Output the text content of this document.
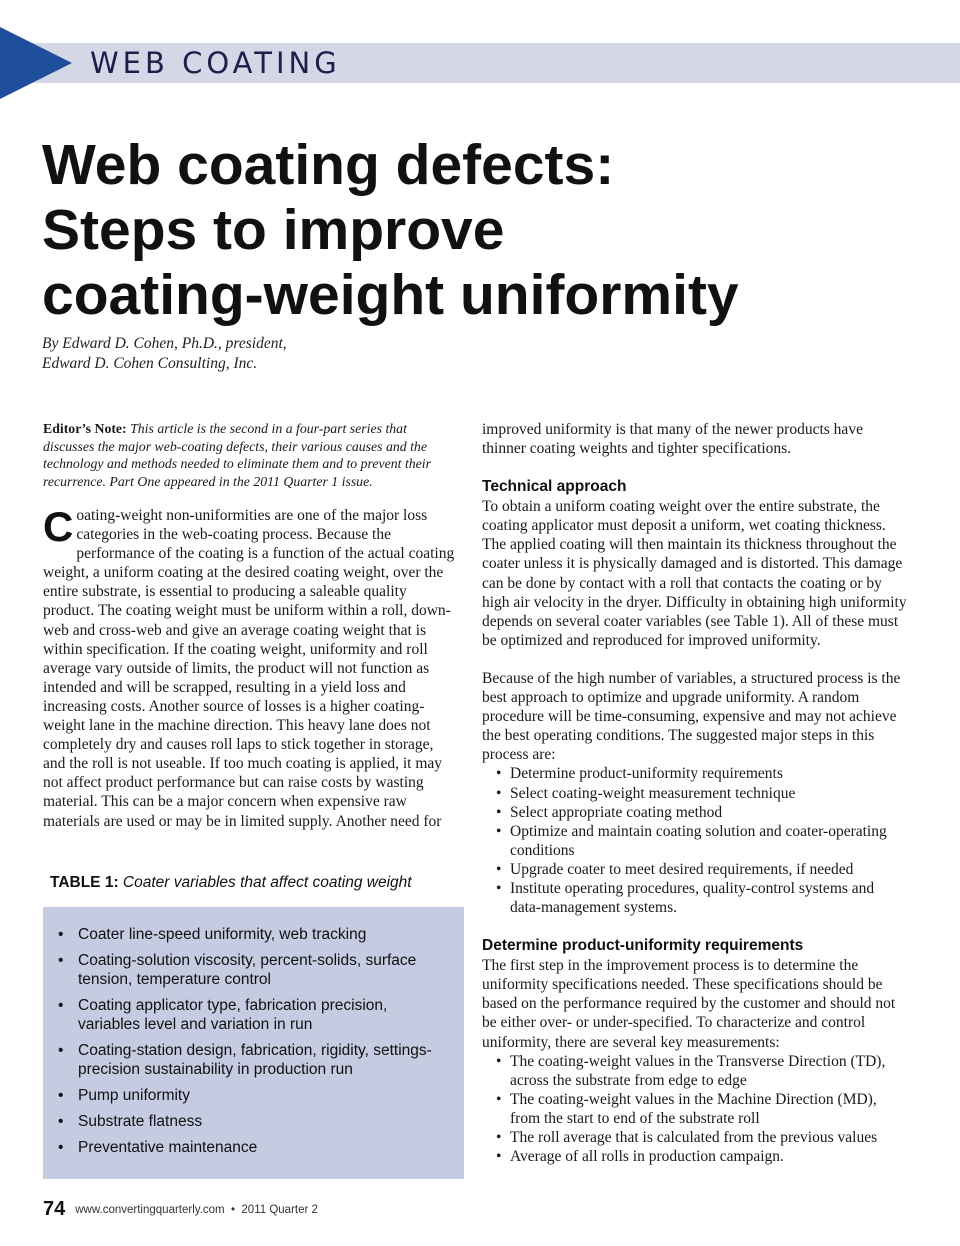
WEB COATING
Web coating defects:
Steps to improve
coating-weight uniformity
By Edward D. Cohen, Ph.D., president,
Edward D. Cohen Consulting, Inc.

Editor’s Note: This article is the second in a four-part series that discusses the major web-coating defects, their various causes and the technology and methods needed to eliminate them and to prevent their recurrence. Part One appeared in the 2011 Quarter 1 issue.

Coating-weight non-uniformities are one of the major loss categories in the web-coating process. Because the performance of the coating is a function of the actual coating weight, a uniform coating at the desired coating weight, over the entire substrate, is essential to producing a saleable quality product. The coating weight must be uniform within a roll, down-web and cross-web and give an average coating weight that is within specification. If the coating weight, uniformity and roll average vary outside of limits, the product will not function as intended and will be scrapped, resulting in a yield loss and increasing costs. Another source of losses is a higher coating-weight lane in the machine direction. This heavy lane does not completely dry and causes roll laps to stick together in storage, and the roll is not useable. If too much coating is applied, it may not affect product performance but can raise costs by wasting material. This can be a major concern when expensive raw materials are used or may be in limited supply. Another need for

improved uniformity is that many of the newer products have thinner coating weights and tighter specifications.

Technical approach

To obtain a uniform coating weight over the entire substrate, the coating applicator must deposit a uniform, wet coating thickness. The applied coating will then maintain its thickness throughout the coater unless it is physically damaged and is distorted. This damage can be done by contact with a roll that contacts the coating or by high air velocity in the dryer. Difficulty in obtaining high uniformity depends on several coater variables (see Table 1). All of these must be optimized and reproduced for improved uniformity.

Because of the high number of variables, a structured process is the best approach to optimize and upgrade uniformity. A random procedure will be time-consuming, expensive and may not achieve the best operating conditions. The suggested major steps in this process are:

• Determine product-uniformity requirements
• Select coating-weight measurement technique
• Select appropriate coating method
• Optimize and maintain coating solution and coater-operating conditions
• Upgrade coater to meet desired requirements, if needed
• Institute operating procedures, quality-control systems and data-management systems.
Determine product-uniformity requirements

The first step in the improvement process is to determine the uniformity specifications needed. These specifications should be based on the performance required by the customer and should not be either over- or under-specified. To characterize and control uniformity, there are several key measurements:

• The coating-weight values in the Transverse Direction (TD), across the substrate from edge to edge
• The coating-weight values in the Machine Direction (MD), from the start to end of the substrate roll
• The roll average that is calculated from the previous values
• Average of all rolls in production campaign.
TABLE 1: Coater variables that affect coating weight
• Coater line-speed uniformity, web tracking
• Coating-solution viscosity, percent-solids, surface tension, temperature control
• Coating applicator type, fabrication precision, variables level and variation in run
• Coating-station design, fabrication, rigidity, settings-precision sustainability in production run
• Pump uniformity
• Substrate flatness
• Preventative maintenance
74 www.convertingquarterly.com • 2011 Quarter 2
